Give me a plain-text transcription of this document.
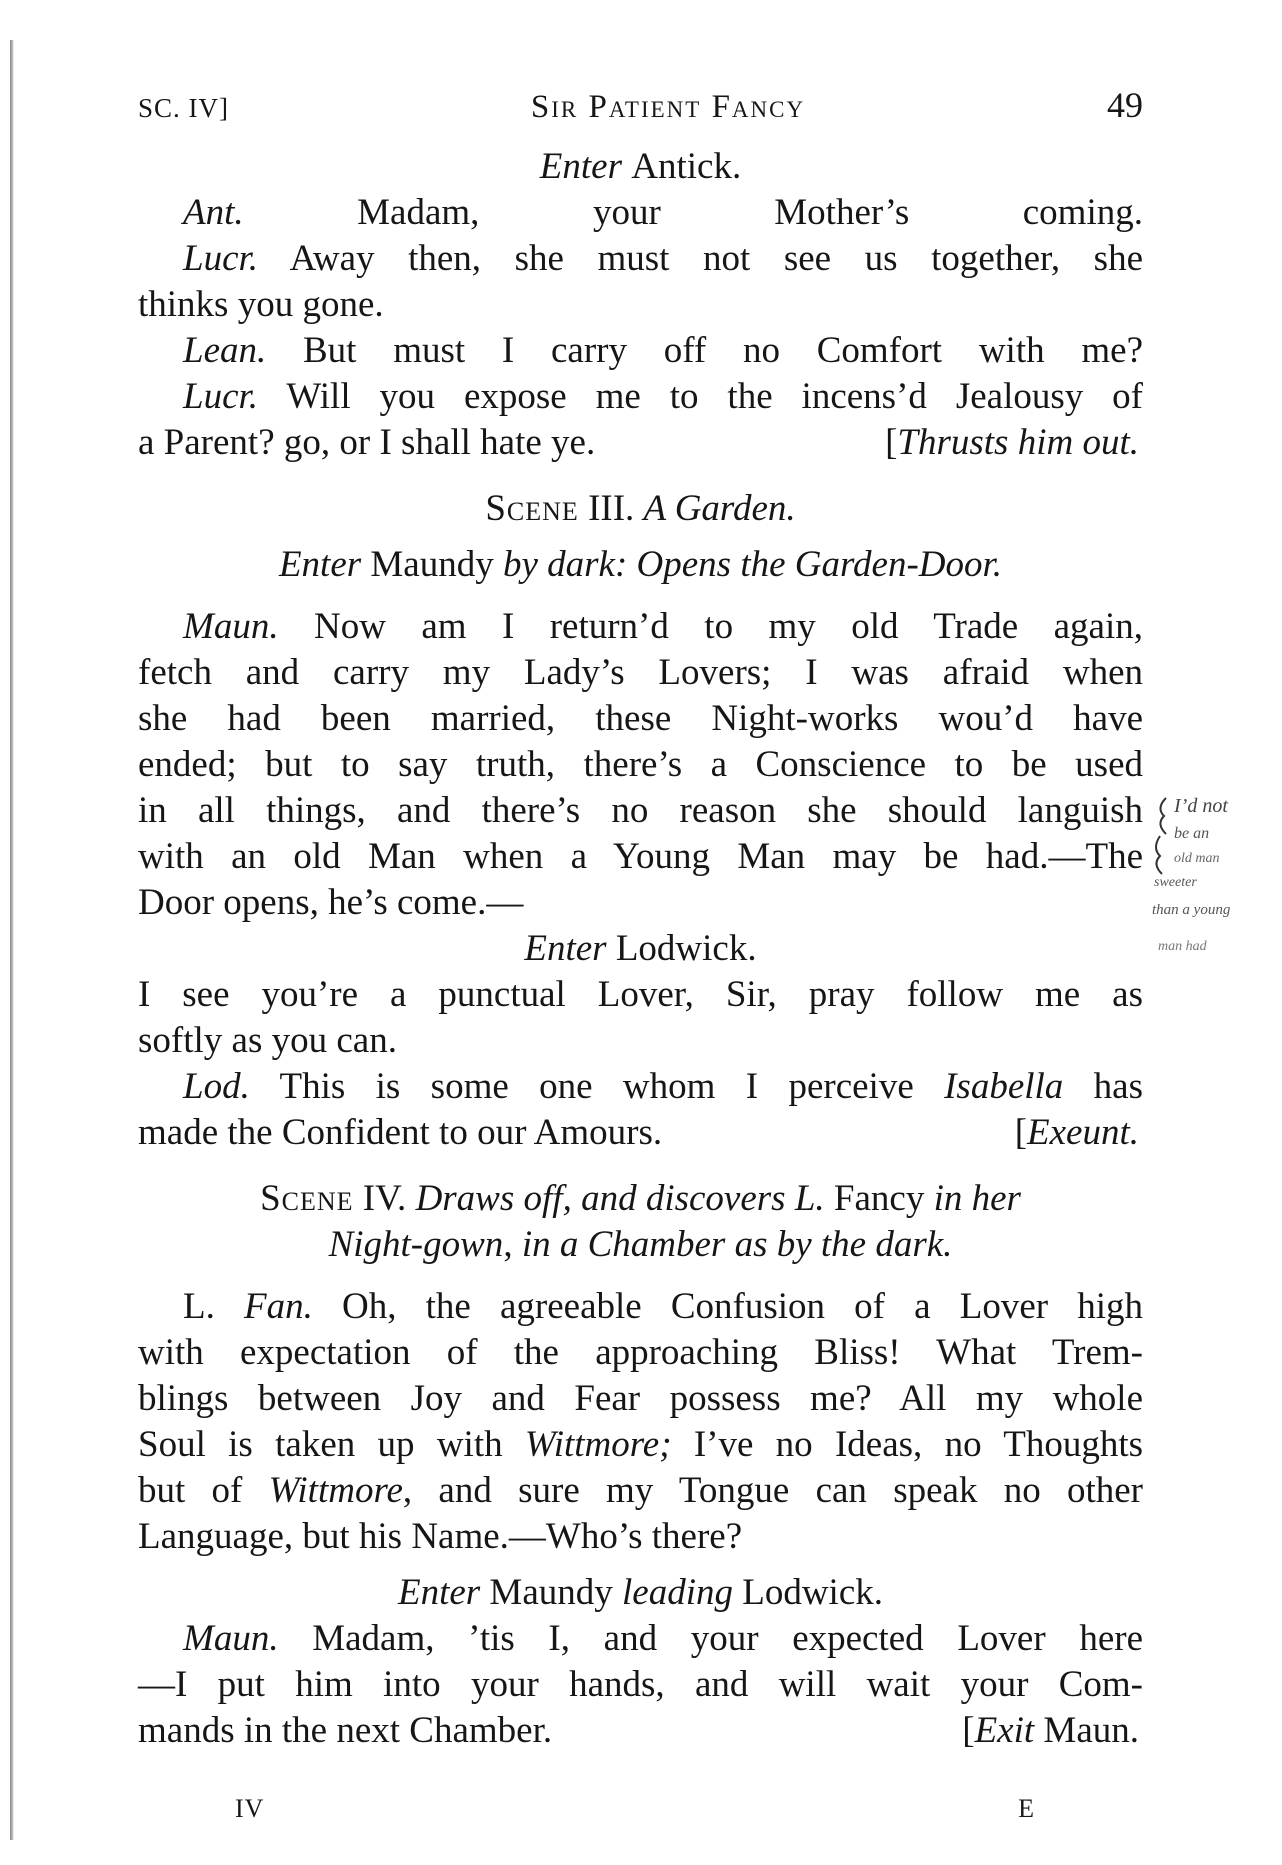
SC. IV]	Sir Patient Fancy	49

Enter Antick.

Ant. Madam, your Mother’s coming.

Lucr. Away then, she must not see us together, she

thinks you gone.

Lean. But must I carry off no Comfort with me?

Lucr. Will you expose me to the incens’d Jealousy of

a Parent? go, or I shall hate ye.	[Thrusts him out.

Scene III. A Garden.

Enter Maundy by dark: Opens the Garden-Door.

Maun. Now am I return’d to my old Trade again,

fetch and carry my Lady’s Lovers; I was afraid when

she had been married, these Night-works wou’d have

ended; but to say truth, there’s a Conscience to be used

in all things, and there’s no reason she should languish

with an old Man when a Young Man may be had.—The

Door opens, he’s come.—

Enter Lodwick.

I see you’re a punctual Lover, Sir, pray follow me as

softly as you can.

Lod. This is some one whom I perceive Isabella has

made the Confident to our Amours.	[Exeunt.

Scene IV. Draws off, and discovers L. Fancy in her

Night-gown, in a Chamber as by the dark.

L. Fan. Oh, the agreeable Confusion of a Lover high

with expectation of the approaching Bliss! What Trem-

blings between Joy and Fear possess me? All my whole

Soul is taken up with Wittmore; I’ve no Ideas, no Thoughts

but of Wittmore, and sure my Tongue can speak no other

Language, but his Name.—Who’s there?

Enter Maundy leading Lodwick.

Maun. Madam, ’tis I, and your expected Lover here

—I put him into your hands, and will wait your Com-

mands in the next Chamber.	[Exit Maun.

IV	E
I’d not
be an
old man
sweeter
than a young
man had
